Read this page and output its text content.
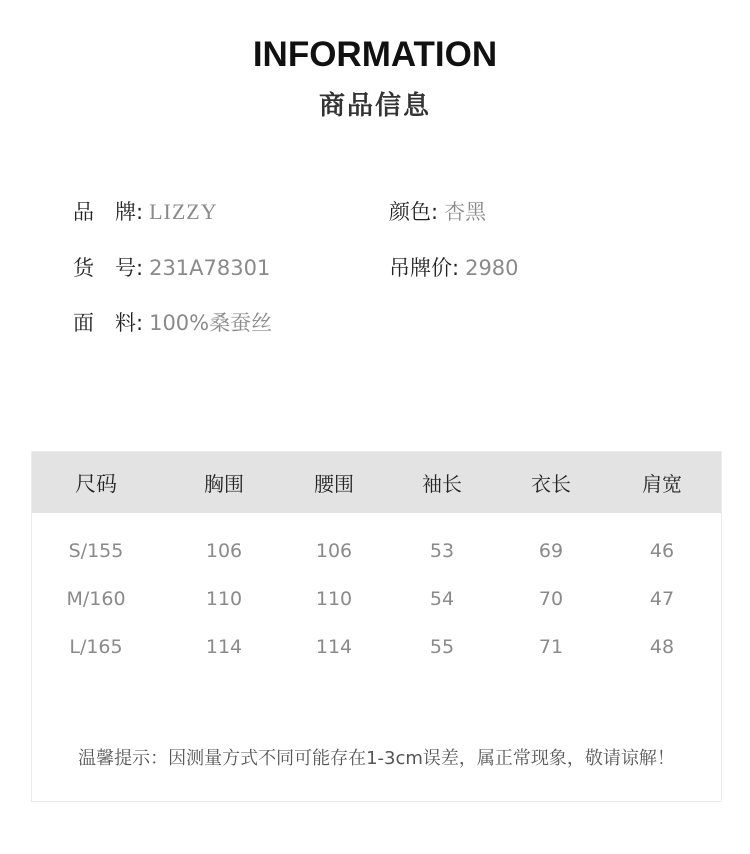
INFORMATION
商品信息
品　牌 : LIZZY
货　号 : 231A78301
面　料 : 100%桑蚕丝
颜色 : 杏黑
吊牌价 : 2980
尺码	胸围	腰围	袖长	衣长	肩宽
S/155	106	106	53	69	46
M/160	110	110	54	70	47
L/165	114	114	55	71	48
温馨提示：因测量方式不同可能存在1-3cm误差，属正常现象，敬请谅解！
